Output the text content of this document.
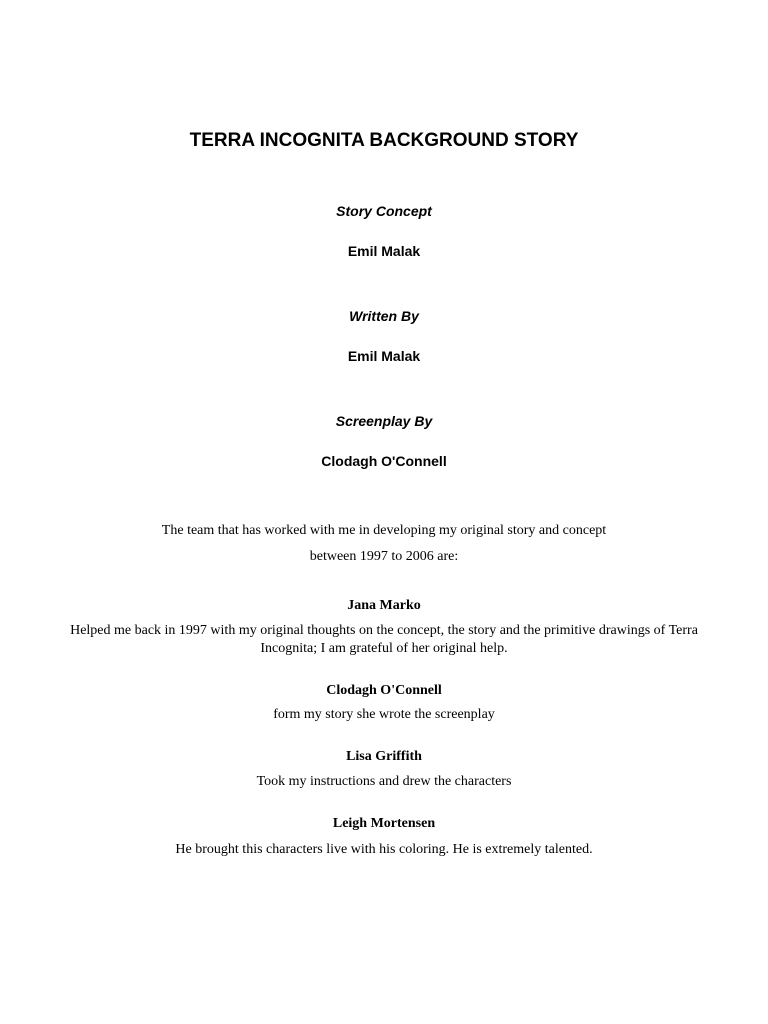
TERRA INCOGNITA BACKGROUND STORY
Story Concept
Emil Malak
Written By
Emil Malak
Screenplay By
Clodagh O'Connell
The team that has worked with me in developing my original story and concept
between 1997 to 2006 are:
Jana Marko
Helped me back in 1997 with my original thoughts on the concept, the story and the primitive drawings of Terra Incognita; I am grateful of her original help.
Clodagh O'Connell
form my story she wrote the screenplay
Lisa Griffith
Took my instructions and drew the characters
Leigh Mortensen
He brought this characters live with his coloring. He is extremely talented.
